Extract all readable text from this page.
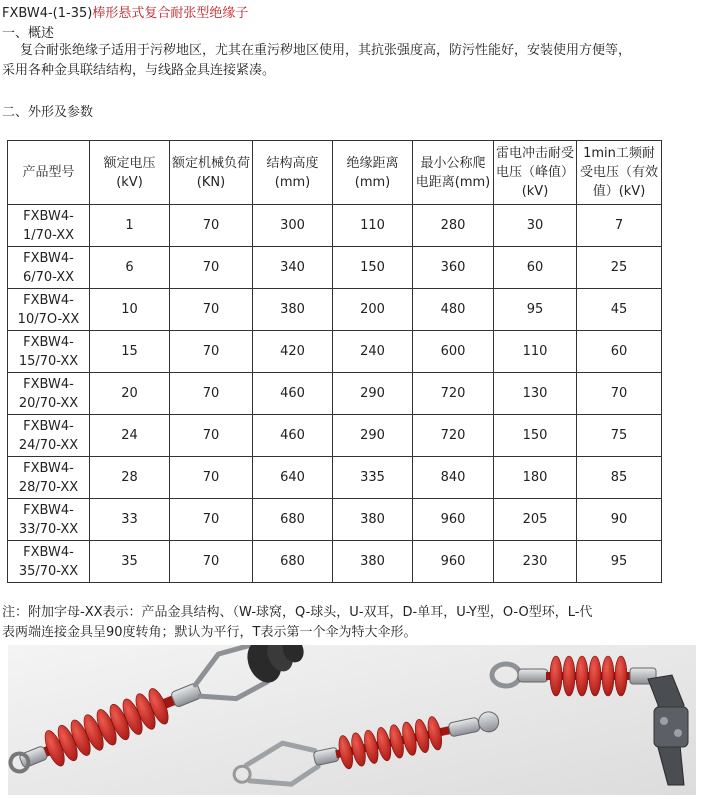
FXBW4-(1-35)棒形悬式复合耐张型绝缘子
一、概述
复合耐张绝缘子适用于污秽地区，尤其在重污秽地区使用，其抗张强度高，防污性能好，安装使用方便等，
采用各种金具联结结构，与线路金具连接紧凑。
二、外形及参数
产品型号	额定电压(kV)	额定机械负荷(KN)	结构高度(mm)	绝缘距离(mm)	最小公称爬电距离(mm)	雷电冲击耐受电压（峰值）(kV)	1min工频耐受电压（有效值）(kV)
FXBW4-1/70-XX	1	70	300	110	280	30	7
FXBW4-6/70-XX	6	70	340	150	360	60	25
FXBW4-10/7O-XX	10	70	380	200	480	95	45
FXBW4-15/70-XX	15	70	420	240	600	110	60
FXBW4-20/70-XX	20	70	460	290	720	130	70
FXBW4-24/70-XX	24	70	460	290	720	150	75
FXBW4-28/70-XX	28	70	640	335	840	180	85
FXBW4-33/70-XX	33	70	680	380	960	205	90
FXBW4-35/70-XX	35	70	680	380	960	230	95
注：附加字母-XX表示：产品金具结构、（W-球窝，Q-球头，U-双耳，D-单耳，U-Y型，O-O型环，L-代
表两端连接金具呈90度转角；默认为平行，T表示第一个伞为特大伞形。
